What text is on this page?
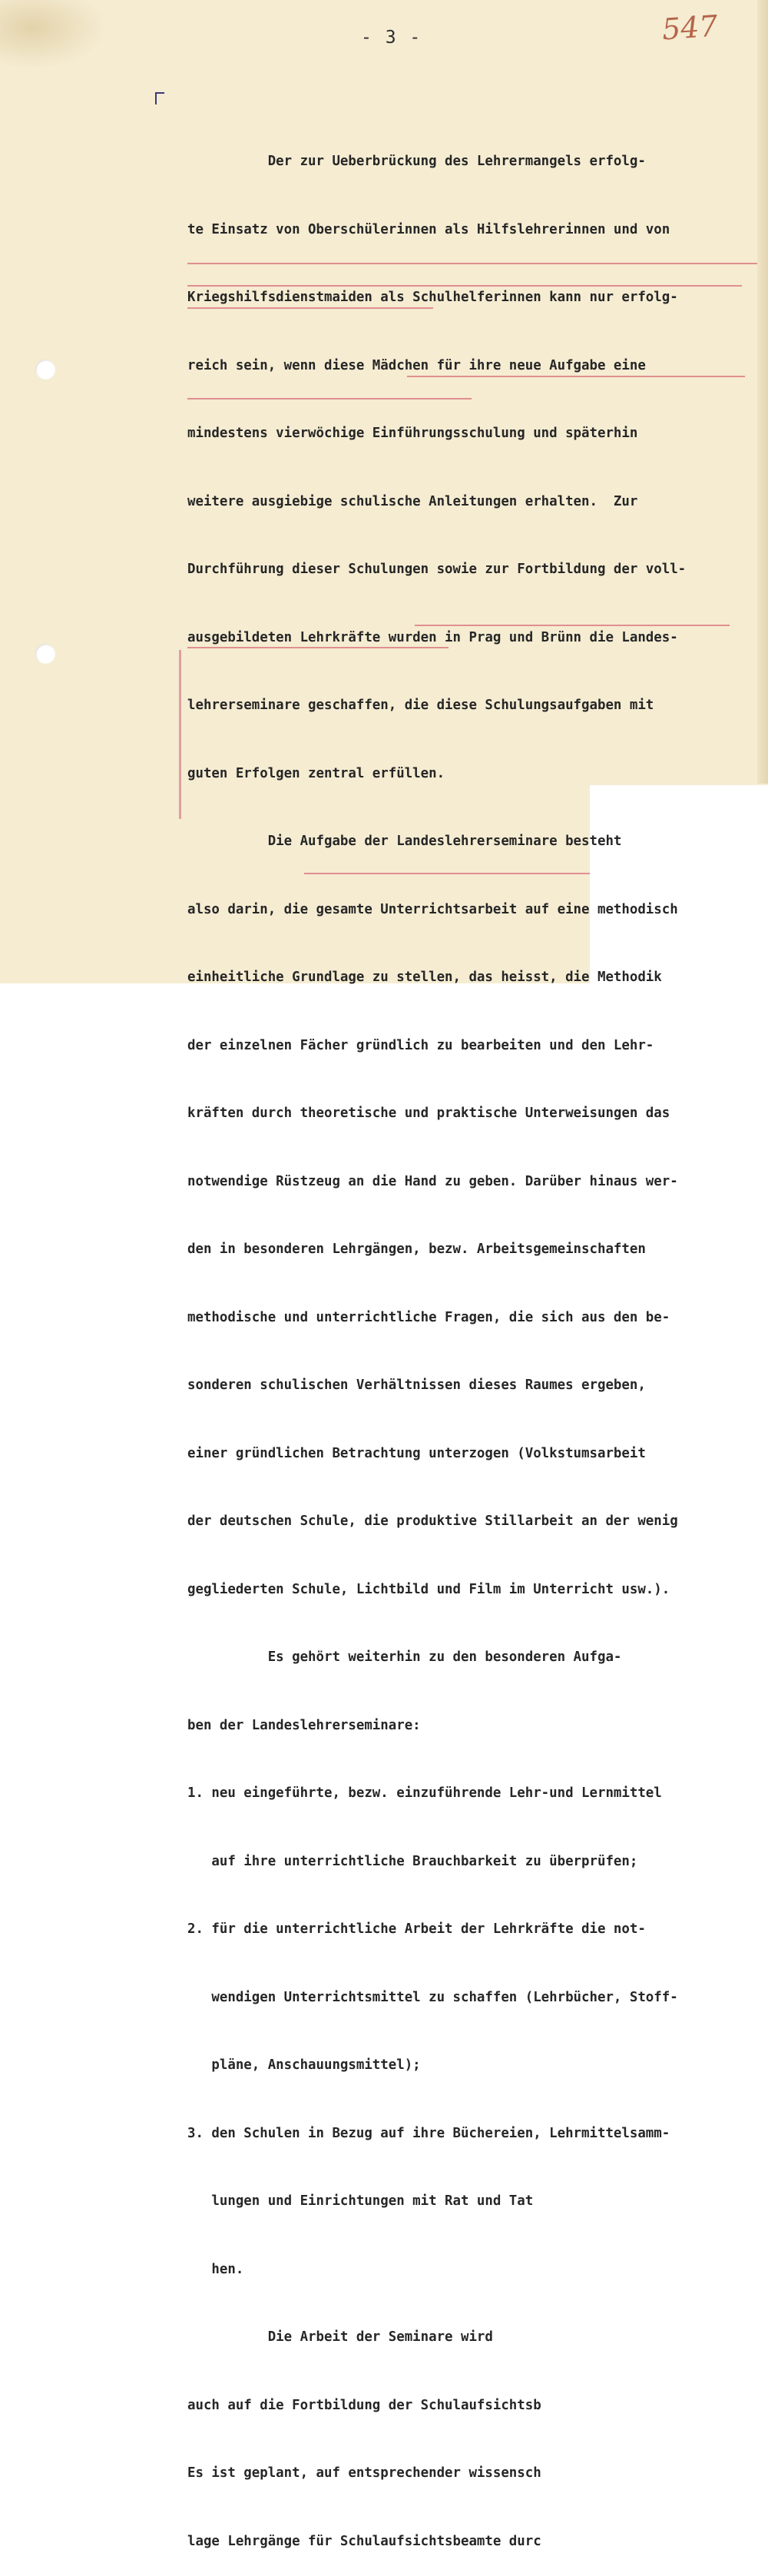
- 3 -	547

Der zur Ueberbrückung des Lehrermangels erfolg-

te Einsatz von Oberschülerinnen als Hilfslehrerinnen und von

Kriegshilfsdienstmaiden als Schulhelferinnen kann nur erfolg-

reich sein, wenn diese Mädchen für ihre neue Aufgabe eine

mindestens vierwöchige Einführungsschulung und späterhin

weitere ausgiebige schulische Anleitungen erhalten.  Zur

Durchführung dieser Schulungen sowie zur Fortbildung der voll-

ausgebildeten Lehrkräfte wurden in Prag und Brünn die Landes-

lehrerseminare geschaffen, die diese Schulungsaufgaben mit

guten Erfolgen zentral erfüllen.

Die Aufgabe der Landeslehrerseminare besteht

also darin, die gesamte Unterrichtsarbeit auf eine methodisch

einheitliche Grundlage zu stellen, das heisst, die Methodik

der einzelnen Fächer gründlich zu bearbeiten und den Lehr-

kräften durch theoretische und praktische Unterweisungen das

notwendige Rüstzeug an die Hand zu geben. Darüber hinaus wer-

den in besonderen Lehrgängen, bezw. Arbeitsgemeinschaften

methodische und unterrichtliche Fragen, die sich aus den be-

sonderen schulischen Verhältnissen dieses Raumes ergeben,

einer gründlichen Betrachtung unterzogen (Volkstumsarbeit

der deutschen Schule, die produktive Stillarbeit an der wenig

gegliederten Schule, Lichtbild und Film im Unterricht usw.).

Es gehört weiterhin zu den besonderen Aufga-

ben der Landeslehrerseminare:

1. neu eingeführte, bezw. einzuführende Lehr-und Lernmittel

auf ihre unterrichtliche Brauchbarkeit zu überprüfen;

2. für die unterrichtliche Arbeit der Lehrkräfte die not-

wendigen Unterrichtsmittel zu schaffen (Lehrbücher, Stoff-

pläne, Anschauungsmittel);

3. den Schulen in Bezug auf ihre Büchereien, Lehrmittelsamm-

lungen und Einrichtungen mit Rat und Tat

hen.

Die Arbeit der Seminare wird

auch auf die Fortbildung der Schulaufsichtsb

Es ist geplant, auf entsprechender wissensch

lage Lehrgänge für Schulaufsichtsbeamte durc
